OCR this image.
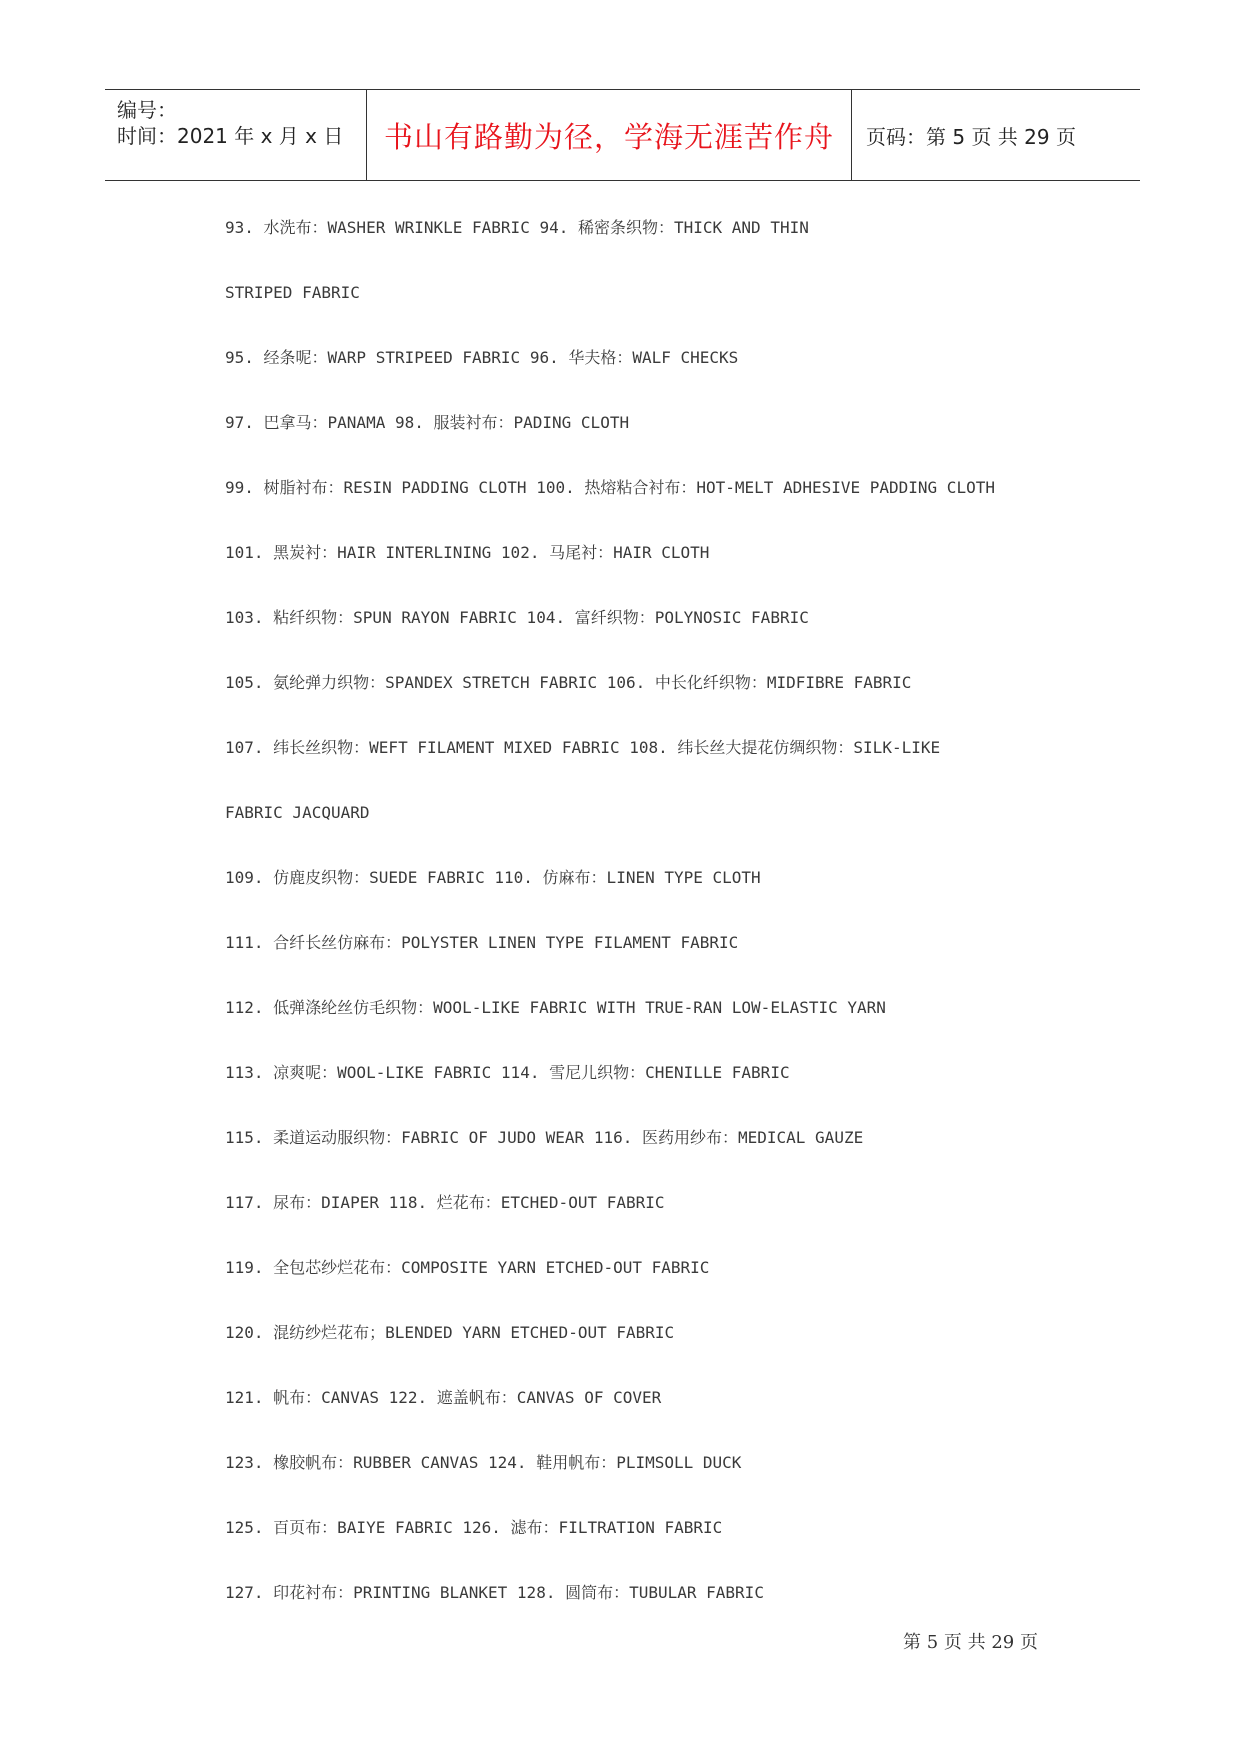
编号：
时间：2021 年 x 月 x 日 书山有路勤为径，学海无涯苦作舟 页码：第 5 页 共 29 页
93. 水洗布：WASHER WRINKLE FABRIC 94. 稀密条织物：THICK AND THIN
STRIPED FABRIC
95. 经条呢：WARP STRIPEED FABRIC 96. 华夫格：WALF CHECKS
97. 巴拿马：PANAMA 98. 服装衬布：PADING CLOTH
99. 树脂衬布：RESIN PADDING CLOTH 100. 热熔粘合衬布：HOT-MELT ADHESIVE PADDING CLOTH
101. 黑炭衬：HAIR INTERLINING 102. 马尾衬：HAIR CLOTH
103. 粘纤织物：SPUN RAYON FABRIC 104. 富纤织物：POLYNOSIC FABRIC
105. 氨纶弹力织物：SPANDEX STRETCH FABRIC 106. 中长化纤织物：MIDFIBRE FABRIC
107. 纬长丝织物：WEFT FILAMENT MIXED FABRIC 108. 纬长丝大提花仿绸织物：SILK-LIKE
FABRIC JACQUARD
109. 仿鹿皮织物：SUEDE FABRIC 110. 仿麻布：LINEN TYPE CLOTH
111. 合纤长丝仿麻布：POLYSTER LINEN TYPE FILAMENT FABRIC
112. 低弹涤纶丝仿毛织物：WOOL-LIKE FABRIC WITH TRUE-RAN LOW-ELASTIC YARN
113. 凉爽呢：WOOL-LIKE FABRIC 114. 雪尼儿织物：CHENILLE FABRIC
115. 柔道运动服织物：FABRIC OF JUDO WEAR 116. 医药用纱布：MEDICAL GAUZE
117. 尿布：DIAPER 118. 烂花布：ETCHED-OUT FABRIC
119. 全包芯纱烂花布：COMPOSITE YARN ETCHED-OUT FABRIC
120. 混纺纱烂花布；BLENDED YARN ETCHED-OUT FABRIC
121. 帆布：CANVAS 122. 遮盖帆布：CANVAS OF COVER
123. 橡胶帆布：RUBBER CANVAS 124. 鞋用帆布：PLIMSOLL DUCK
125. 百页布：BAIYE FABRIC 126. 滤布：FILTRATION FABRIC
127. 印花衬布：PRINTING BLANKET 128. 圆筒布：TUBULAR FABRIC
第 5 页 共 29 页
